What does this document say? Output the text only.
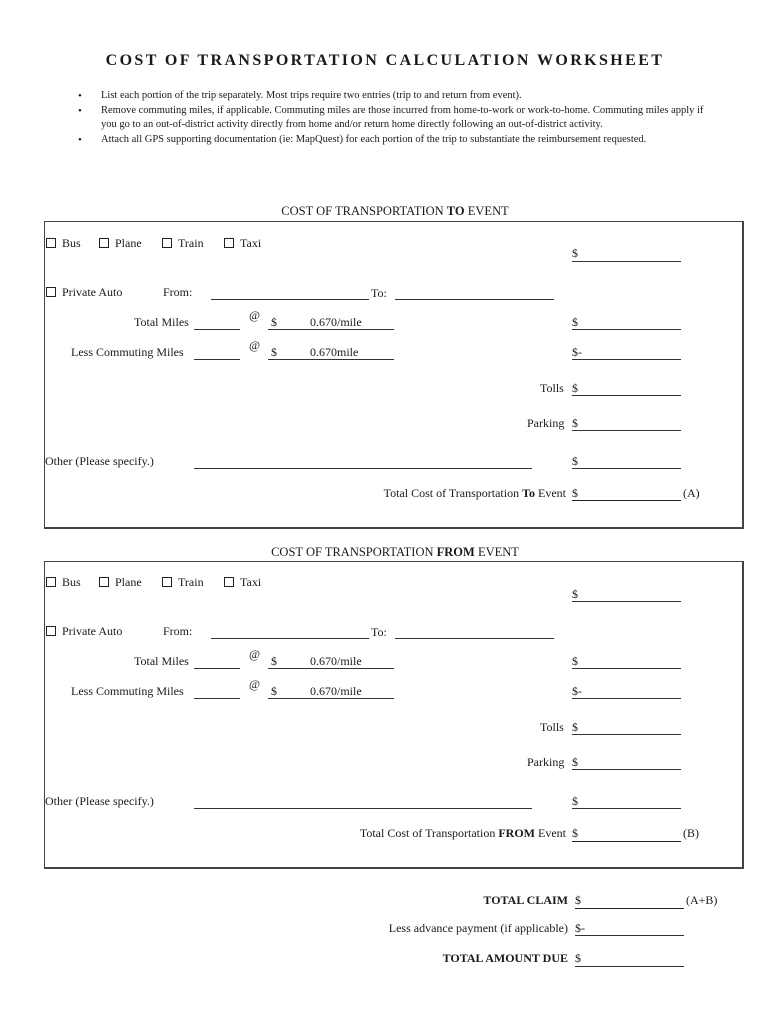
COST OF TRANSPORTATION CALCULATION WORKSHEET
• List each portion of the trip separately. Most trips require two entries (trip to and return from event).
• Remove commuting miles, if applicable. Commuting miles are those incurred from home-to-work or work-to-home. Commuting miles apply if you go to an out-of-district activity directly from home and/or return home directly following an out-of-district activity.
• Attach all GPS supporting documentation (ie: MapQuest) for each portion of the trip to substantiate the reimbursement requested.
COST OF TRANSPORTATION TO EVENT
Bus	Plane	Train	Taxi
$
Private Auto	From:	To:
Total Miles	@ $	0.670/mile	$
Less Commuting Miles	@ $	0.670mile	$-
Tolls $
Parking $
Other (Please specify.)	$
Total Cost of Transportation To Event $	(A)
COST OF TRANSPORTATION FROM EVENT
Bus	Plane	Train	Taxi
$
Private Auto	From:	To:
Total Miles	@ $	0.670/mile	$
Less Commuting Miles	@ $	0.670/mile	$-
Tolls $
Parking $
Other (Please specify.)	$
Total Cost of Transportation FROM Event $	(B)
TOTAL CLAIM $	(A+B)
Less advance payment (if applicable) $-
TOTAL AMOUNT DUE $
